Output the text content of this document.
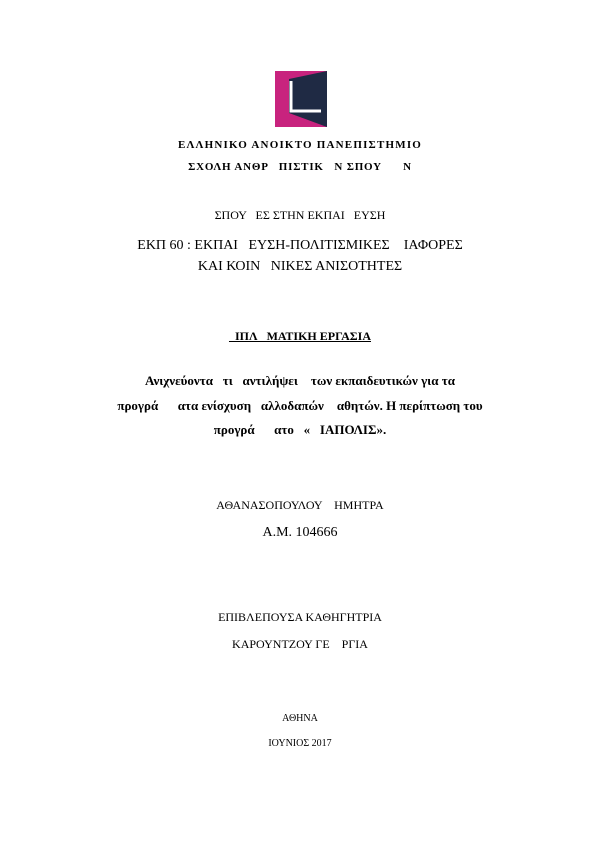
ΕΛΛΗΝΙΚΟ ΑΝΟΙΚΤΟ ΠΑΝΕΠΙΣΤΗΜΙΟ
ΣΧΟΛΗ ΑΝΘΡ   ΠΙΣΤΙΚ   Ν ΣΠΟΥ      Ν
ΣΠΟΥ   ΕΣ ΣΤΗΝ ΕΚΠΑΙ   ΕΥΣΗ
ΕΚΠ 60 : ΕΚΠΑΙ   ΕΥΣΗ-ΠΟΛΙΤΙΣΜΙΚΕΣ    ΙΑΦΟΡΕΣ
ΚΑΙ ΚΟΙΝ   ΝΙΚΕΣ ΑΝΙΣΟΤΗΤΕΣ
ΙΠΛ   ΜΑΤΙΚΗ ΕΡΓΑΣΙΑ
Ανιχνεύοντα   τι   αντιλήψει    των εκπαιδευτικών για τα
προγρά      ατα ενίσχυση   αλλοδαπών    αθητών. Η περίπτωση του
προγρά      ατο   «   ΙΑΠΟΛΙΣ».
ΑΘΑΝΑΣΟΠΟΥΛΟΥ    ΗΜΗΤΡΑ
Α.Μ. 104666
ΕΠΙΒΛΕΠΟΥΣΑ ΚΑΘΗΓΗΤΡΙΑ
ΚΑΡΟΥΝΤΖΟΥ ΓΕ    ΡΓΙΑ
ΑΘΗΝΑ
ΙΟΥΝΙΟΣ 2017
